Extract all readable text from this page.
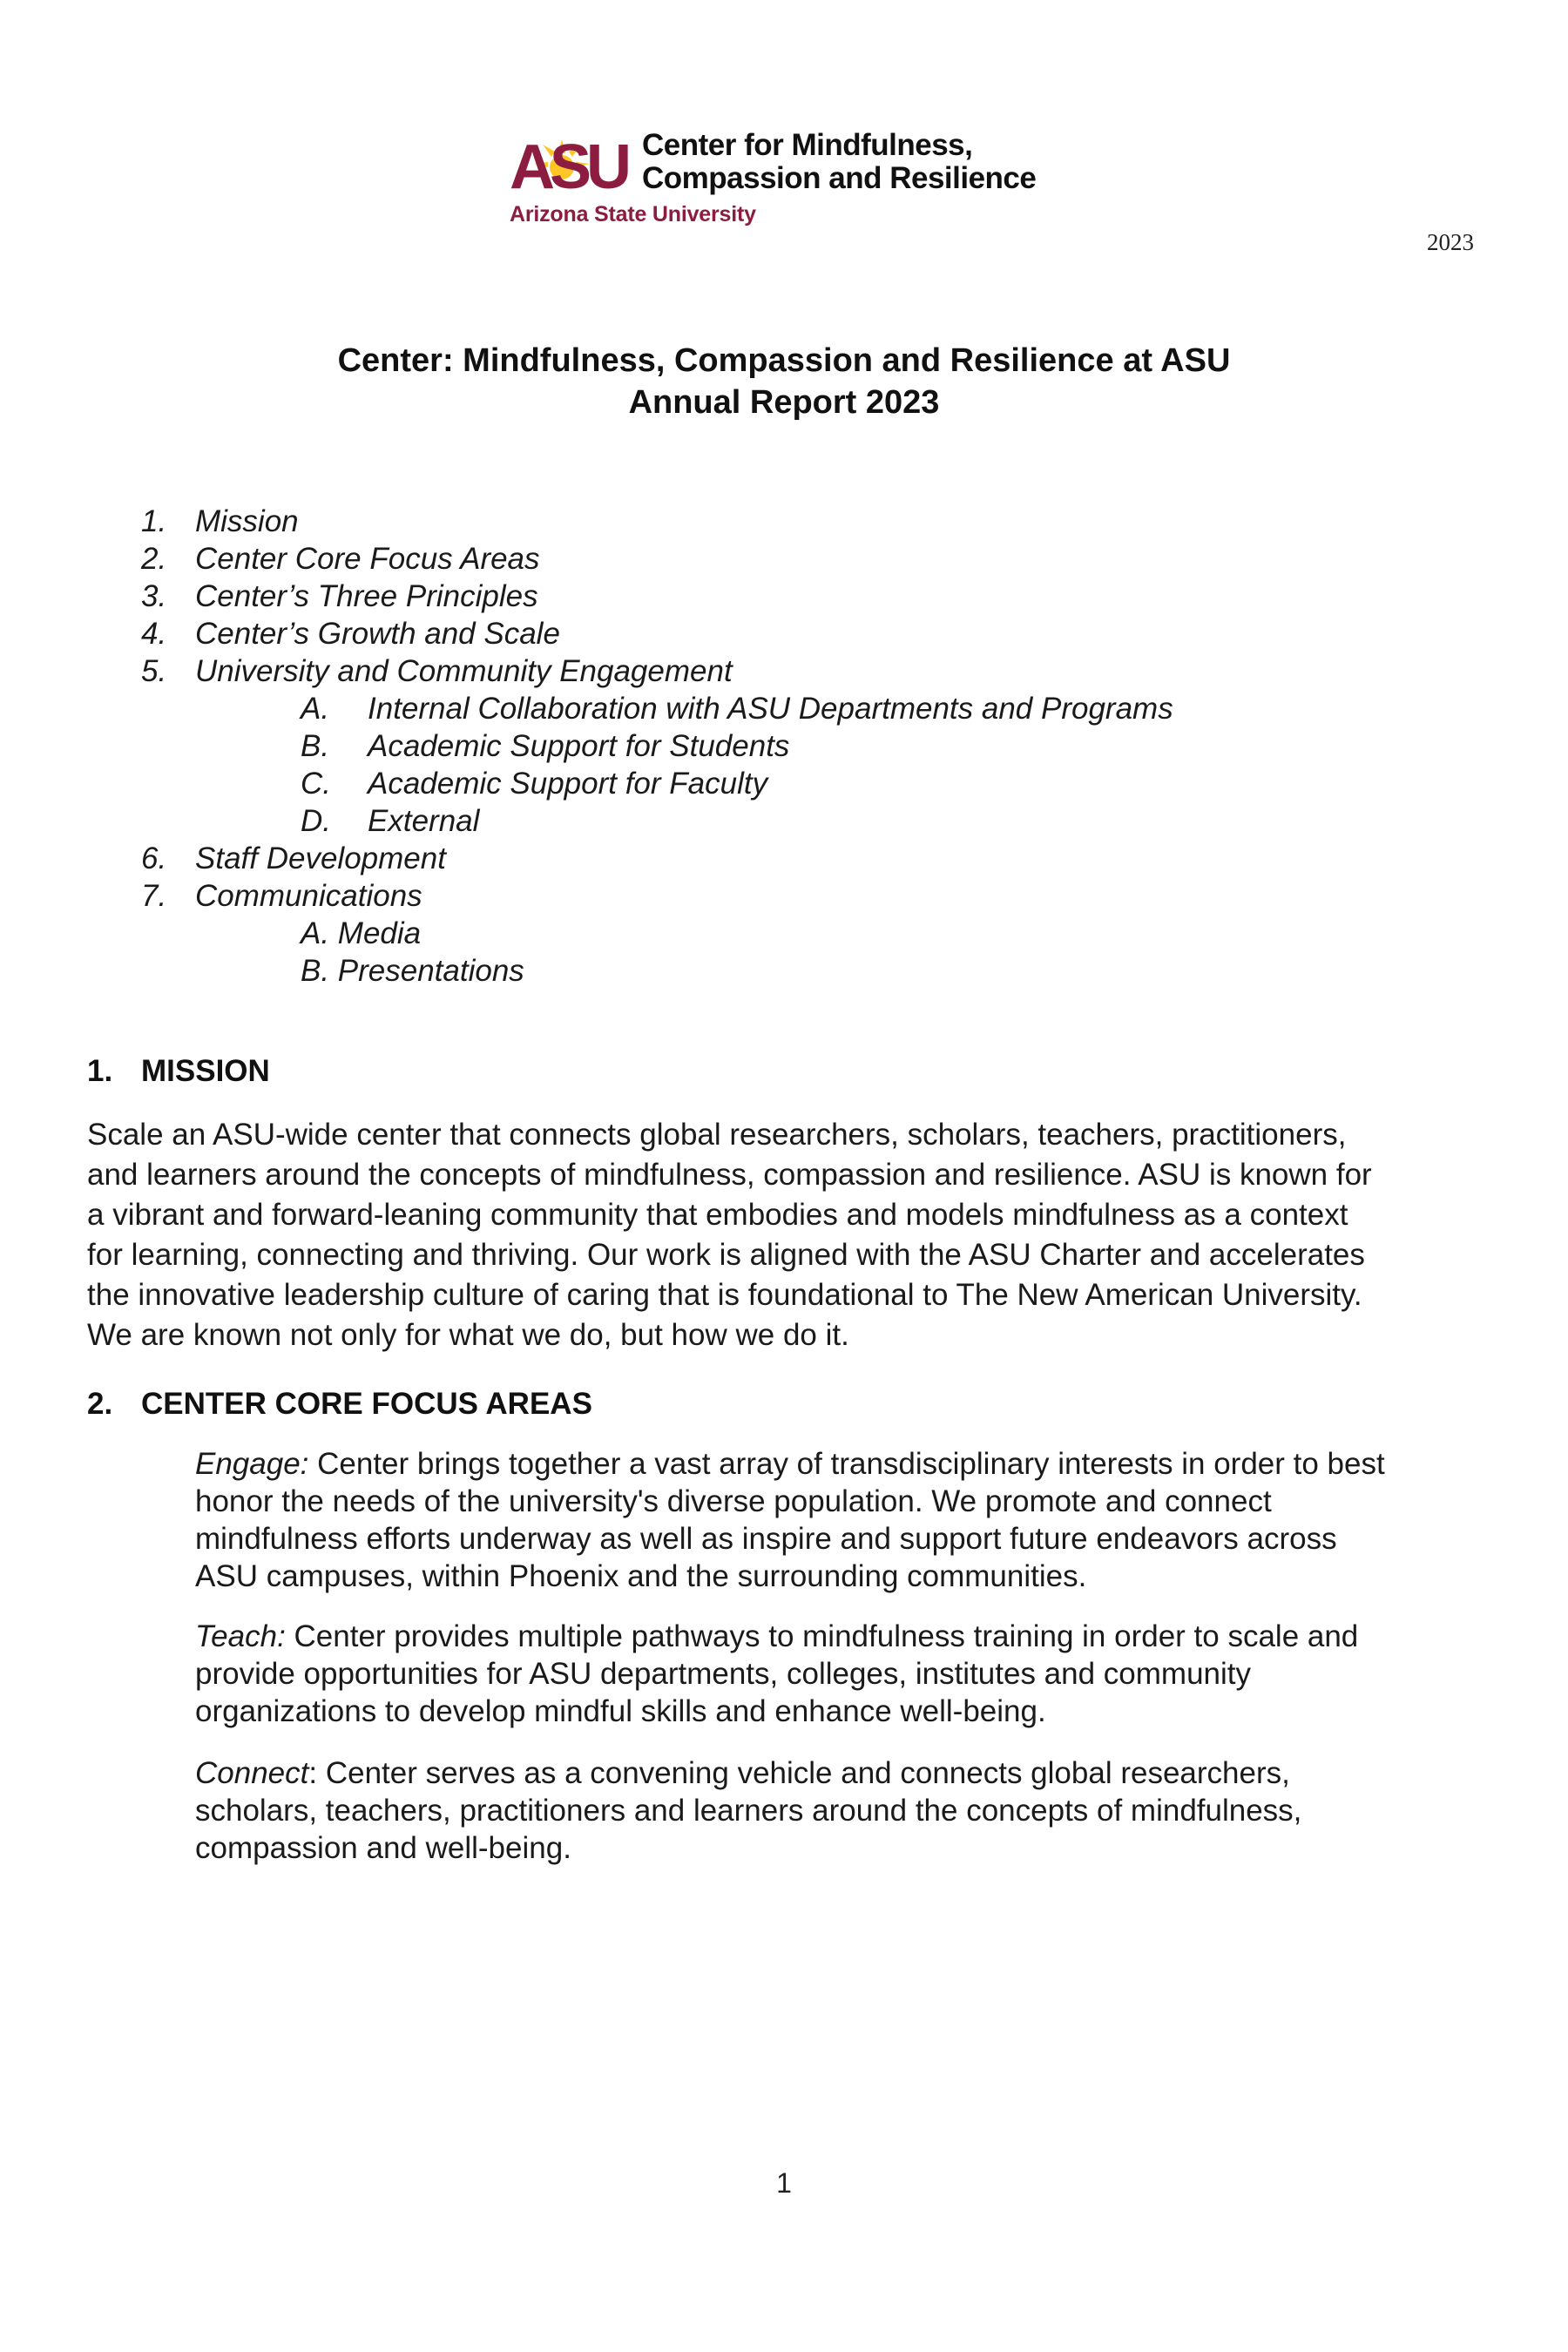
ASU Center for Mindfulness,
Compassion and Resilience
Arizona State University
2023
Center: Mindfulness, Compassion and Resilience at ASU
Annual Report 2023
1. Mission
2. Center Core Focus Areas
3. Center’s Three Principles
4. Center’s Growth and Scale
5. University and Community Engagement
A. Internal Collaboration with ASU Departments and Programs
B. Academic Support for Students
C. Academic Support for Faculty
D. External
6. Staff Development
7. Communications
A. Media
B. Presentations
1. MISSION
Scale an ASU-wide center that connects global researchers, scholars, teachers, practitioners,
and learners around the concepts of mindfulness, compassion and resilience. ASU is known for
a vibrant and forward-leaning community that embodies and models mindfulness as a context
for learning, connecting and thriving. Our work is aligned with the ASU Charter and accelerates
the innovative leadership culture of caring that is foundational to The New American University.
We are known not only for what we do, but how we do it.
2. CENTER CORE FOCUS AREAS
Engage: Center brings together a vast array of transdisciplinary interests in order to best
honor the needs of the university's diverse population. We promote and connect
mindfulness efforts underway as well as inspire and support future endeavors across
ASU campuses, within Phoenix and the surrounding communities.
Teach: Center provides multiple pathways to mindfulness training in order to scale and
provide opportunities for ASU departments, colleges, institutes and community
organizations to develop mindful skills and enhance well-being.
Connect: Center serves as a convening vehicle and connects global researchers,
scholars, teachers, practitioners and learners around the concepts of mindfulness,
compassion and well-being.
1
